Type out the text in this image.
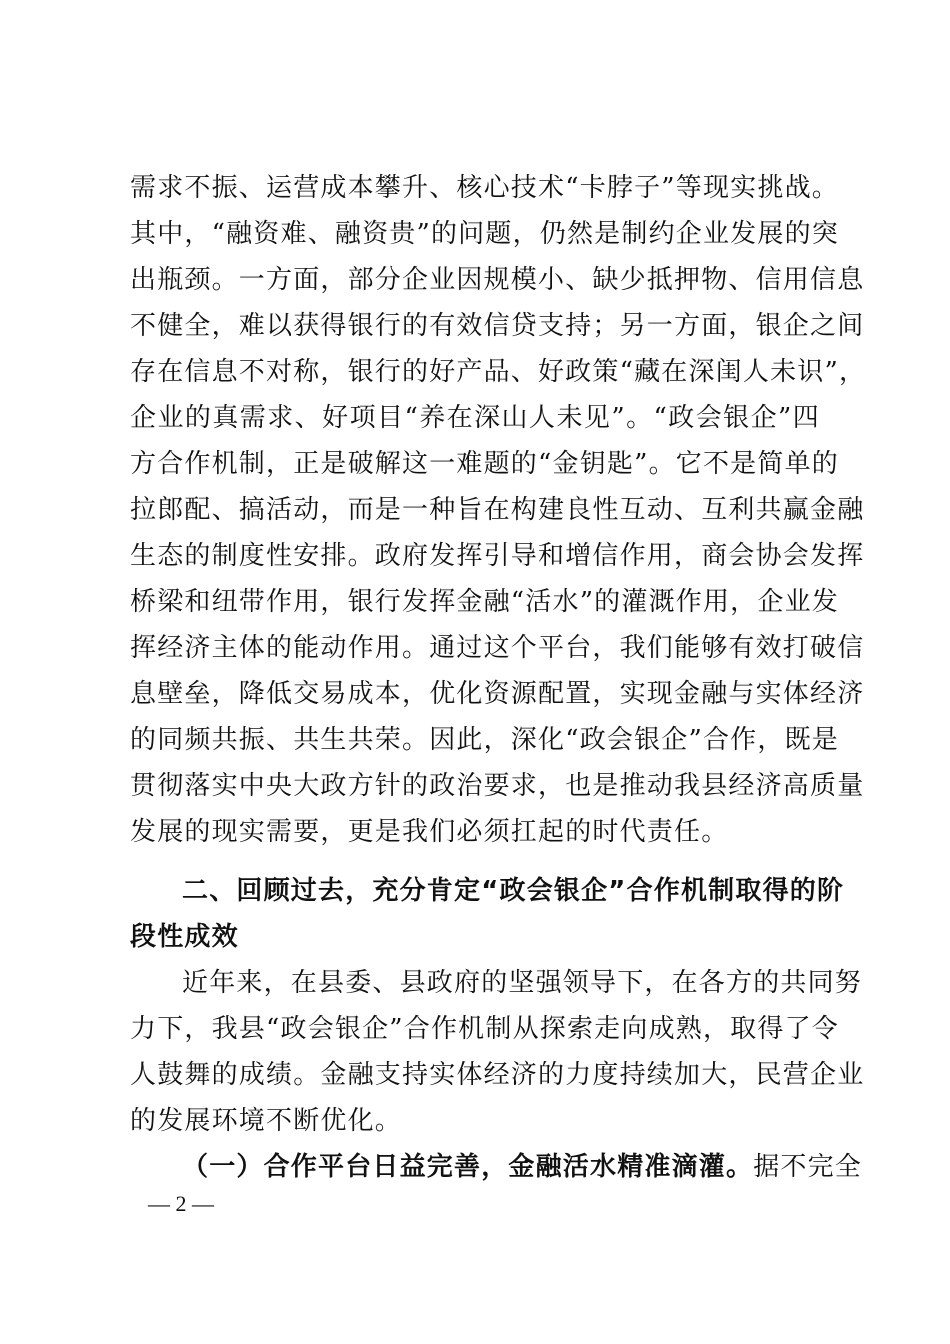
需求不振、运营成本攀升、核心技术“卡脖子”等现实挑战。
其中，“融资难、融资贵”的问题，仍然是制约企业发展的突
出瓶颈。一方面，部分企业因规模小、缺少抵押物、信用信息
不健全，难以获得银行的有效信贷支持；另一方面，银企之间
存在信息不对称，银行的好产品、好政策“藏在深闺人未识”，
企业的真需求、好项目“养在深山人未见”。“政会银企”四
方合作机制，正是破解这一难题的“金钥匙”。它不是简单的
拉郎配、搞活动，而是一种旨在构建良性互动、互利共赢金融
生态的制度性安排。政府发挥引导和增信作用，商会协会发挥
桥梁和纽带作用，银行发挥金融“活水”的灌溉作用，企业发
挥经济主体的能动作用。通过这个平台，我们能够有效打破信
息壁垒，降低交易成本，优化资源配置，实现金融与实体经济
的同频共振、共生共荣。因此，深化“政会银企”合作，既是
贯彻落实中央大政方针的政治要求，也是推动我县经济高质量
发展的现实需要，更是我们必须扛起的时代责任。
二、回顾过去，充分肯定“政会银企”合作机制取得的阶
段性成效
近年来，在县委、县政府的坚强领导下，在各方的共同努
力下，我县“政会银企”合作机制从探索走向成熟，取得了令
人鼓舞的成绩。金融支持实体经济的力度持续加大，民营企业
的发展环境不断优化。
（一）合作平台日益完善，金融活水精准滴灌。据不完全
— 2 —
